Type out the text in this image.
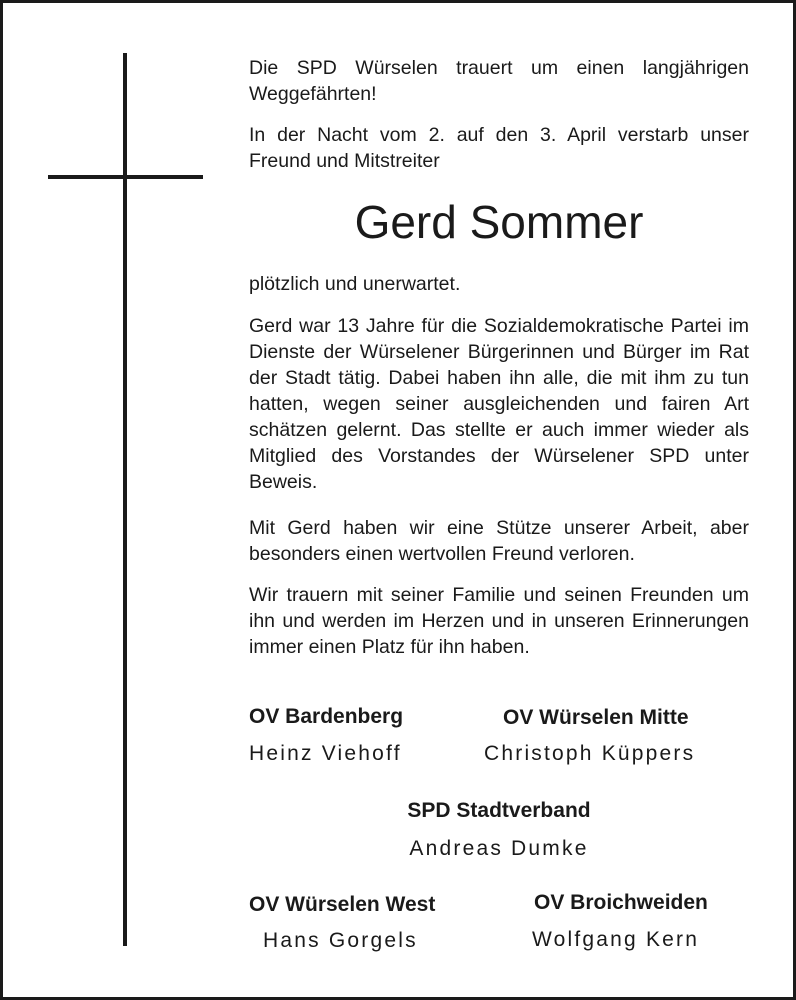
Die SPD Würselen trauert um einen langjährigen Weggefährten!

In der Nacht vom 2. auf den 3. April verstarb unser Freund und Mitstreiter

Gerd Sommer

plötzlich und unerwartet.

Gerd war 13 Jahre für die Sozialdemokratische Partei im Dienste der Würselener Bürgerinnen und Bürger im Rat der Stadt tätig. Dabei haben ihn alle, die mit ihm zu tun hatten, wegen seiner ausgleichenden und fairen Art schätzen gelernt. Das stellte er auch immer wieder als Mitglied des Vorstandes der Würselener SPD unter Beweis.

Mit Gerd haben wir eine Stütze unserer Arbeit, aber besonders einen wertvollen Freund verloren.

Wir trauern mit seiner Familie und seinen Freunden um ihn und werden im Herzen und in unseren Erinnerungen immer einen Platz für ihn haben.

OV Bardenberg
Heinz Viehoff
OV Würselen Mitte
Christoph Küppers
SPD Stadtverband
Andreas Dumke
OV Würselen West
Hans Gorgels
OV Broichweiden
Wolfgang Kern
